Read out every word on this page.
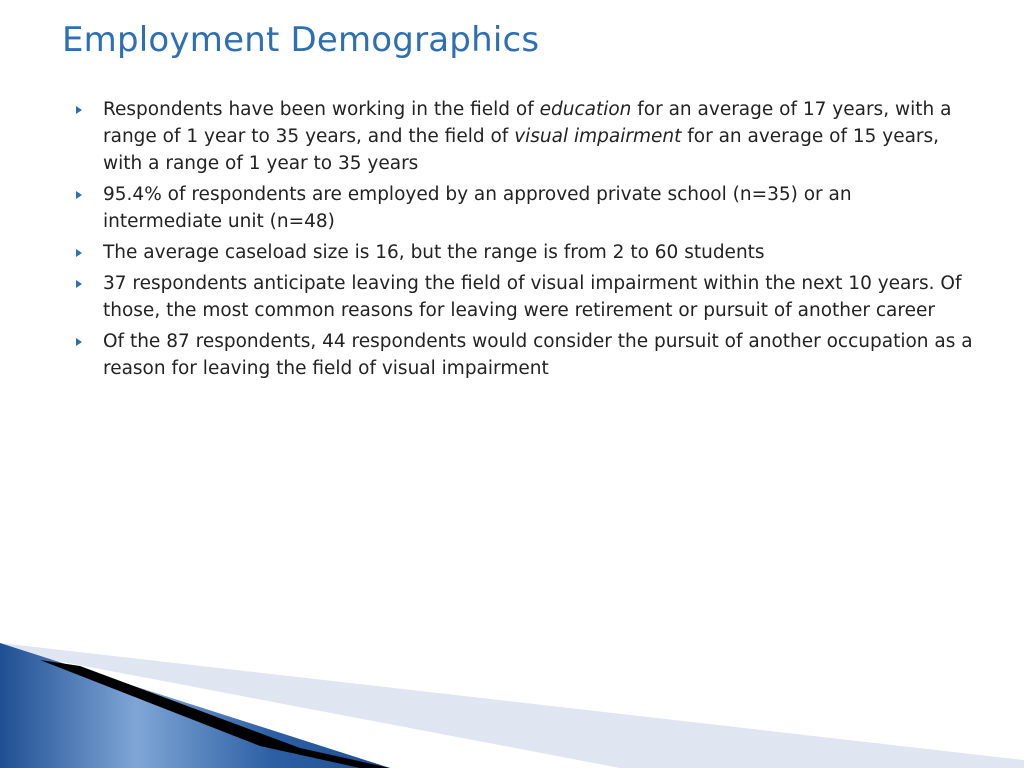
Employment Demographics
Respondents have been working in the field of education for an average of 17 years, with a range of 1 year to 35 years, and the field of visual impairment for an average of 15 years, with a range of 1 year to 35 years
95.4% of respondents are employed by an approved private school (n=35) or an intermediate unit (n=48)
The average caseload size is 16, but the range is from 2 to 60 students
37 respondents anticipate leaving the field of visual impairment within the next 10 years. Of those, the most common reasons for leaving were retirement or pursuit of another career
Of the 87 respondents, 44 respondents would consider the pursuit of another occupation as a reason for leaving the field of visual impairment
